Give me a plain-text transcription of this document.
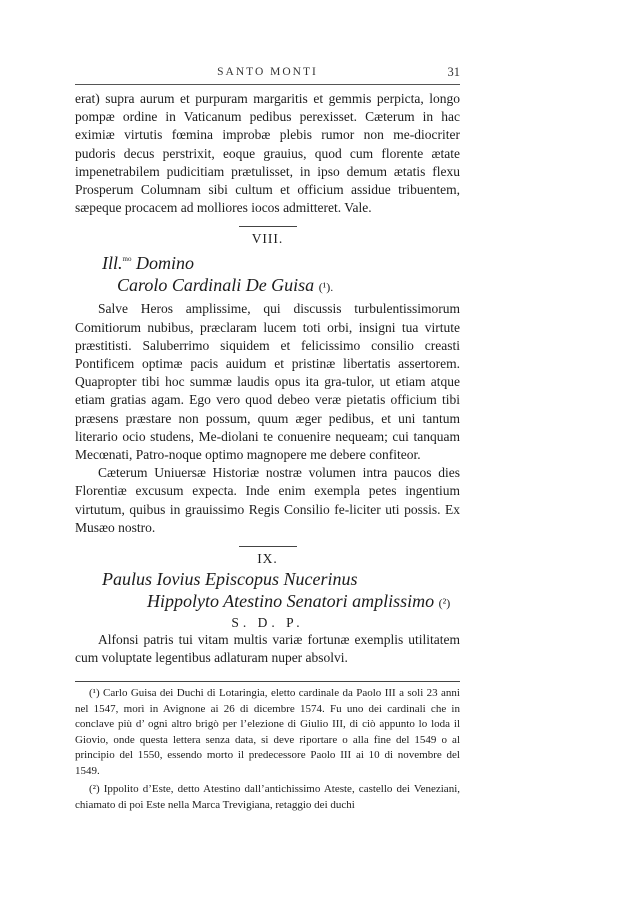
SANTO MONTI	31

erat) supra aurum et purpuram margaritis et gemmis perpicta, longo pompæ ordine in Vaticanum pedibus perexisset. Cæterum in hac eximiæ virtutis fœmina improbæ plebis rumor non me-diocriter pudoris decus perstrixit, eoque grauius, quod cum florente ætate impenetrabilem pudicitiam prætulisset, in ipso demum ætatis flexu Prosperum Columnam sibi cultum et officium assidue tribuentem, sæpeque procacem ad molliores iocos admitteret. Vale.

VIII.
Ill.$^{mo}$ Domino
Carolo Cardinali De Guisa (¹).

Salve Heros amplissime, qui discussis turbulentissimorum Comitiorum nubibus, præclaram lucem toti orbi, insigni tua virtute præstitisti. Saluberrimo siquidem et felicissimo consilio creasti Pontificem optimæ pacis auidum et pristinæ libertatis assertorem. Quapropter tibi hoc summæ laudis opus ita gra-tulor, ut etiam atque etiam gratias agam. Ego vero quod debeo veræ pietatis officium tibi præsens præstare non possum, quum æger pedibus, et uni tantum literario ocio studens, Me-diolani te conuenire nequeam; cui tanquam Mecœnati, Patro-noque optimo magnopere me debere confiteor.

Cæterum Uniuersæ Historiæ nostræ volumen intra paucos dies Florentiæ excusum expecta. Inde enim exempla petes ingentium virtutum, quibus in grauissimo Regis Consilio fe-liciter uti possis. Ex Musæo nostro.

IX.
Paulus Iovius Episcopus Nucerinus
Hippolyto Atestino Senatori amplissimo (²)
S. D. P.

Alfonsi patris tui vitam multis variæ fortunæ exemplis utilitatem cum voluptate legentibus adlaturam nuper absolvi.

(¹) Carlo Guisa dei Duchi di Lotaringia, eletto cardinale da Paolo III a soli 23 anni nel 1547, morì in Avignone ai 26 di dicembre 1574. Fu uno dei cardinali che in conclave più d’ ogni altro brigò per l’elezione di Giulio III, di ciò appunto lo loda il Giovio, onde questa lettera senza data, si deve riportare o alla fine del 1549 o al principio del 1550, essendo morto il predecessore Paolo III ai 10 di novembre del 1549.

(²) Ippolito d’Este, detto Atestino dall’antichissimo Ateste, castello dei Veneziani, chiamato di poi Este nella Marca Trevigiana, retaggio dei duchi
